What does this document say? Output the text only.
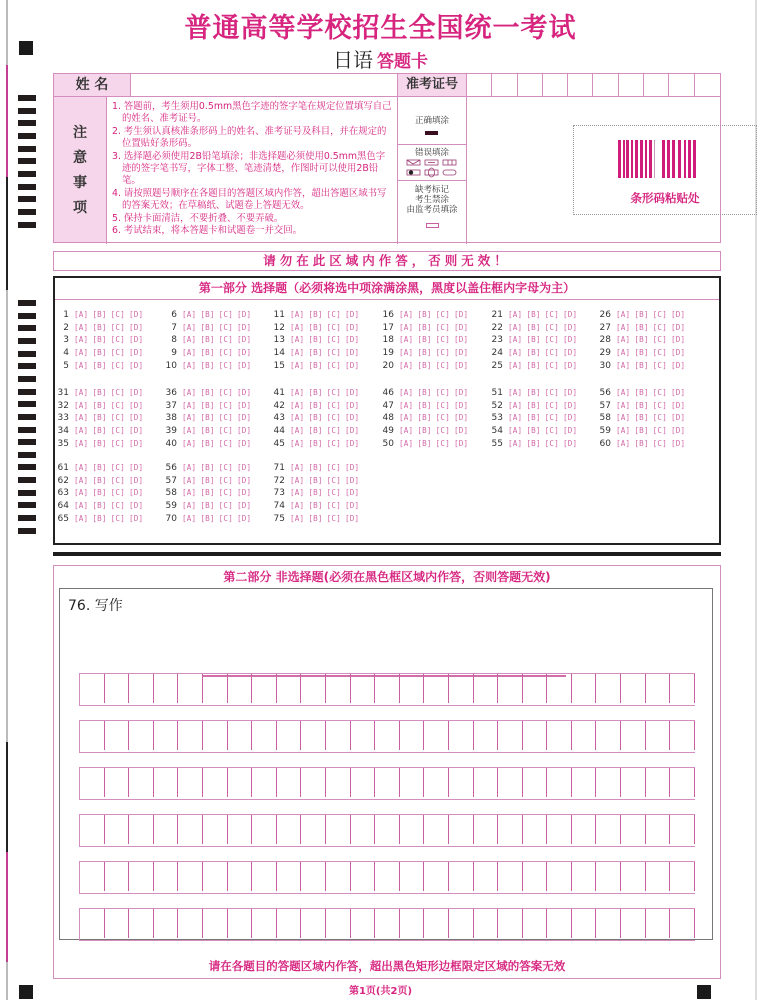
普通高等学校招生全国统一考试
日语 答题卡
姓 名	准考证号
注
意
事
项
1. 答题前，考生须用0.5mm黑色字迹的签字笔在规定位置填写自己的姓名、准考证号。
2. 考生须认真核准条形码上的姓名、准考证号及科目，并在规定的位置贴好条形码。
3. 选择题必须使用2B铅笔填涂；非选择题必须使用0.5mm黑色字迹的签字笔书写，字体工整、笔迹清楚，作图时可以使用2B铅笔。
4. 请按照题号顺序在各题目的答题区域内作答，超出答题区域书写的答案无效；在草稿纸、试题卷上答题无效。
5. 保持卡面清洁，不要折叠、不要弄破。
6. 考试结束，将本答题卡和试题卷一并交回。
正确填涂
错误填涂
缺考标记
考生禁涂
由监考员填涂
条形码粘贴处
请勿在此区域内作答，否则无效！
第一部分 选择题（必须将选中项涂满涂黑，黑度以盖住框内字母为主）
1 [A] [B] [C] [D]
2 [A] [B] [C] [D]
3 [A] [B] [C] [D]
4 [A] [B] [C] [D]
5 [A] [B] [C] [D]
6 [A] [B] [C] [D]
7 [A] [B] [C] [D]
8 [A] [B] [C] [D]
9 [A] [B] [C] [D]
10 [A] [B] [C] [D]
11 [A] [B] [C] [D]
12 [A] [B] [C] [D]
13 [A] [B] [C] [D]
14 [A] [B] [C] [D]
15 [A] [B] [C] [D]
16 [A] [B] [C] [D]
17 [A] [B] [C] [D]
18 [A] [B] [C] [D]
19 [A] [B] [C] [D]
20 [A] [B] [C] [D]
21 [A] [B] [C] [D]
22 [A] [B] [C] [D]
23 [A] [B] [C] [D]
24 [A] [B] [C] [D]
25 [A] [B] [C] [D]
26 [A] [B] [C] [D]
27 [A] [B] [C] [D]
28 [A] [B] [C] [D]
29 [A] [B] [C] [D]
30 [A] [B] [C] [D]
31 [A] [B] [C] [D]
32 [A] [B] [C] [D]
33 [A] [B] [C] [D]
34 [A] [B] [C] [D]
35 [A] [B] [C] [D]
36 [A] [B] [C] [D]
37 [A] [B] [C] [D]
38 [A] [B] [C] [D]
39 [A] [B] [C] [D]
40 [A] [B] [C] [D]
41 [A] [B] [C] [D]
42 [A] [B] [C] [D]
43 [A] [B] [C] [D]
44 [A] [B] [C] [D]
45 [A] [B] [C] [D]
46 [A] [B] [C] [D]
47 [A] [B] [C] [D]
48 [A] [B] [C] [D]
49 [A] [B] [C] [D]
50 [A] [B] [C] [D]
51 [A] [B] [C] [D]
52 [A] [B] [C] [D]
53 [A] [B] [C] [D]
54 [A] [B] [C] [D]
55 [A] [B] [C] [D]
56 [A] [B] [C] [D]
57 [A] [B] [C] [D]
58 [A] [B] [C] [D]
59 [A] [B] [C] [D]
60 [A] [B] [C] [D]
61 [A] [B] [C] [D]
62 [A] [B] [C] [D]
63 [A] [B] [C] [D]
64 [A] [B] [C] [D]
65 [A] [B] [C] [D]
56 [A] [B] [C] [D]
57 [A] [B] [C] [D]
58 [A] [B] [C] [D]
59 [A] [B] [C] [D]
70 [A] [B] [C] [D]
71 [A] [B] [C] [D]
72 [A] [B] [C] [D]
73 [A] [B] [C] [D]
74 [A] [B] [C] [D]
75 [A] [B] [C] [D]
第二部分 非选择题(必须在黑色框区域内作答，否则答题无效)
76. 写作
请在各题目的答题区域内作答，超出黑色矩形边框限定区域的答案无效
第1页(共2页)
